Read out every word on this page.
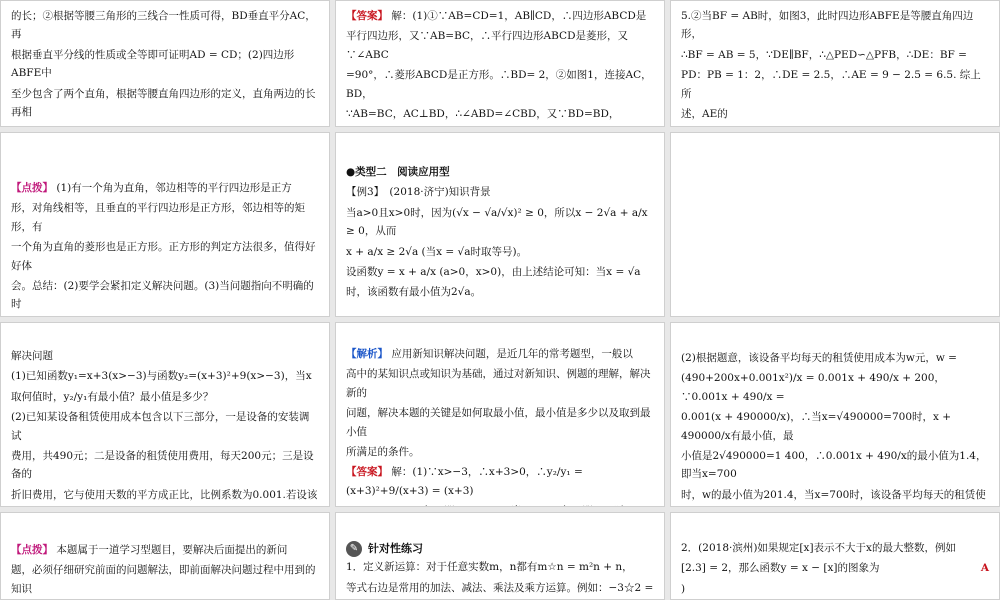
的长；②根据等腰三角形的三线合一性质可得，BD垂直平分AC，再

根据垂直平分线的性质或全等即可证明AD = CD；(2)四边形ABFE中

至少包含了两个直角，根据等腰直角四边形的定义，直角两边的长再相

【答案】 解：(1)①∵AB=CD=1，AB∥CD，∴四边形ABCD是

平行四边形，又∵AB=BC，∴平行四边形ABCD是菱形，又∵∠ABC

=90°，∴菱形ABCD是正方形。∴BD= 2，②如图1，连接AC，BD，

∵AB=BC，AC⊥BD，∴∠ABD=∠CBD，又∵BD=BD，

5.②当BF = AB时，如图3，此时四边形ABFE是等腰直角四边形，

∴BF = AB = 5，∵DE∥BF，∴△PED∽△PFB，∴DE：BF =

PD：PB = 1：2，∴DE = 2.5，∴AE = 9 − 2.5 = 6.5. 综上所

述，AE的

【点拨】 (1)有一个角为直角，邻边相等的平行四边形是正方

形，对角线相等，且垂直的平行四边形是正方形，邻边相等的矩形，有

一个角为直角的菱形也是正方形。正方形的判定方法很多，值得好好体

会。总结：(2)要学会紧扣定义解决问题。(3)当问题指向不明确的时

●类型二　阅读应用型

【例3】　(2018·济宁)知识背景

当a>0且x>0时，因为(√x − √a/√x)² ≥ 0，所以x − 2√a + a/x ≥ 0，从而

x + a/x ≥ 2√a (当x = √a时取等号)。

设函数y = x + a/x (a>0，x>0)，由上述结论可知：当x = √a

时，该函数有最小值为2√a。

解决问题

(1)已知函数y₁=x+3(x>−3)与函数y₂=(x+3)²+9(x>−3)，当x

取何值时，y₂/y₁有最小值？最小值是多少？

(2)已知某设备租赁使用成本包含以下三部分，一是设备的安装调试

费用，共490元；二是设备的租赁使用费用，每天200元；三是设备的

折旧费用，它与使用天数的平方成正比，比例系数为0.001.若设该

【解析】 应用新知识解决问题，是近几年的常考题型，一般以

高中的某知识点或知识为基础，通过对新知识、例题的理解，解决新的

问题，解决本题的关键是如何取最小值，最小值是多少以及取到最小值

所满足的条件。

【答案】 解：(1)∵x>−3，∴x+3>0，∴y₂/y₁ = (x+3)²+9/(x+3) = (x+3)

(2)根据题意，该设备平均每天的租赁使用成本为w元，w =

(490+200x+0.001x²)/x = 0.001x + 490/x + 200，∵0.001x + 490/x =

0.001(x + 490000/x)，∴当x=√490000=700时，x + 490000/x有最小值，最

小值是2√490000=1 400，∴0.001x + 490/x的最小值为1.4，即当x=700

时，w的最小值为201.4，当x=700时，该设备平均每天的租赁使

【点拨】 本题属于一道学习型题目，要解决后面提出的新问

题，必须仔细研究前面的问题解法，即前面解决问题过程中用到的知识

✎ 针对性练习

1．定义新运算：对于任意实数m，n都有m☆n = m²n + n，

等式右边是常用的加法、减法、乘法及乘方运算。例如：−3☆2 =

2．(2018·滨州)如果规定[x]表示不大于x的最大整数，例如

[2.3] = 2，那么函数y = x − [x]的图象为	A

)
